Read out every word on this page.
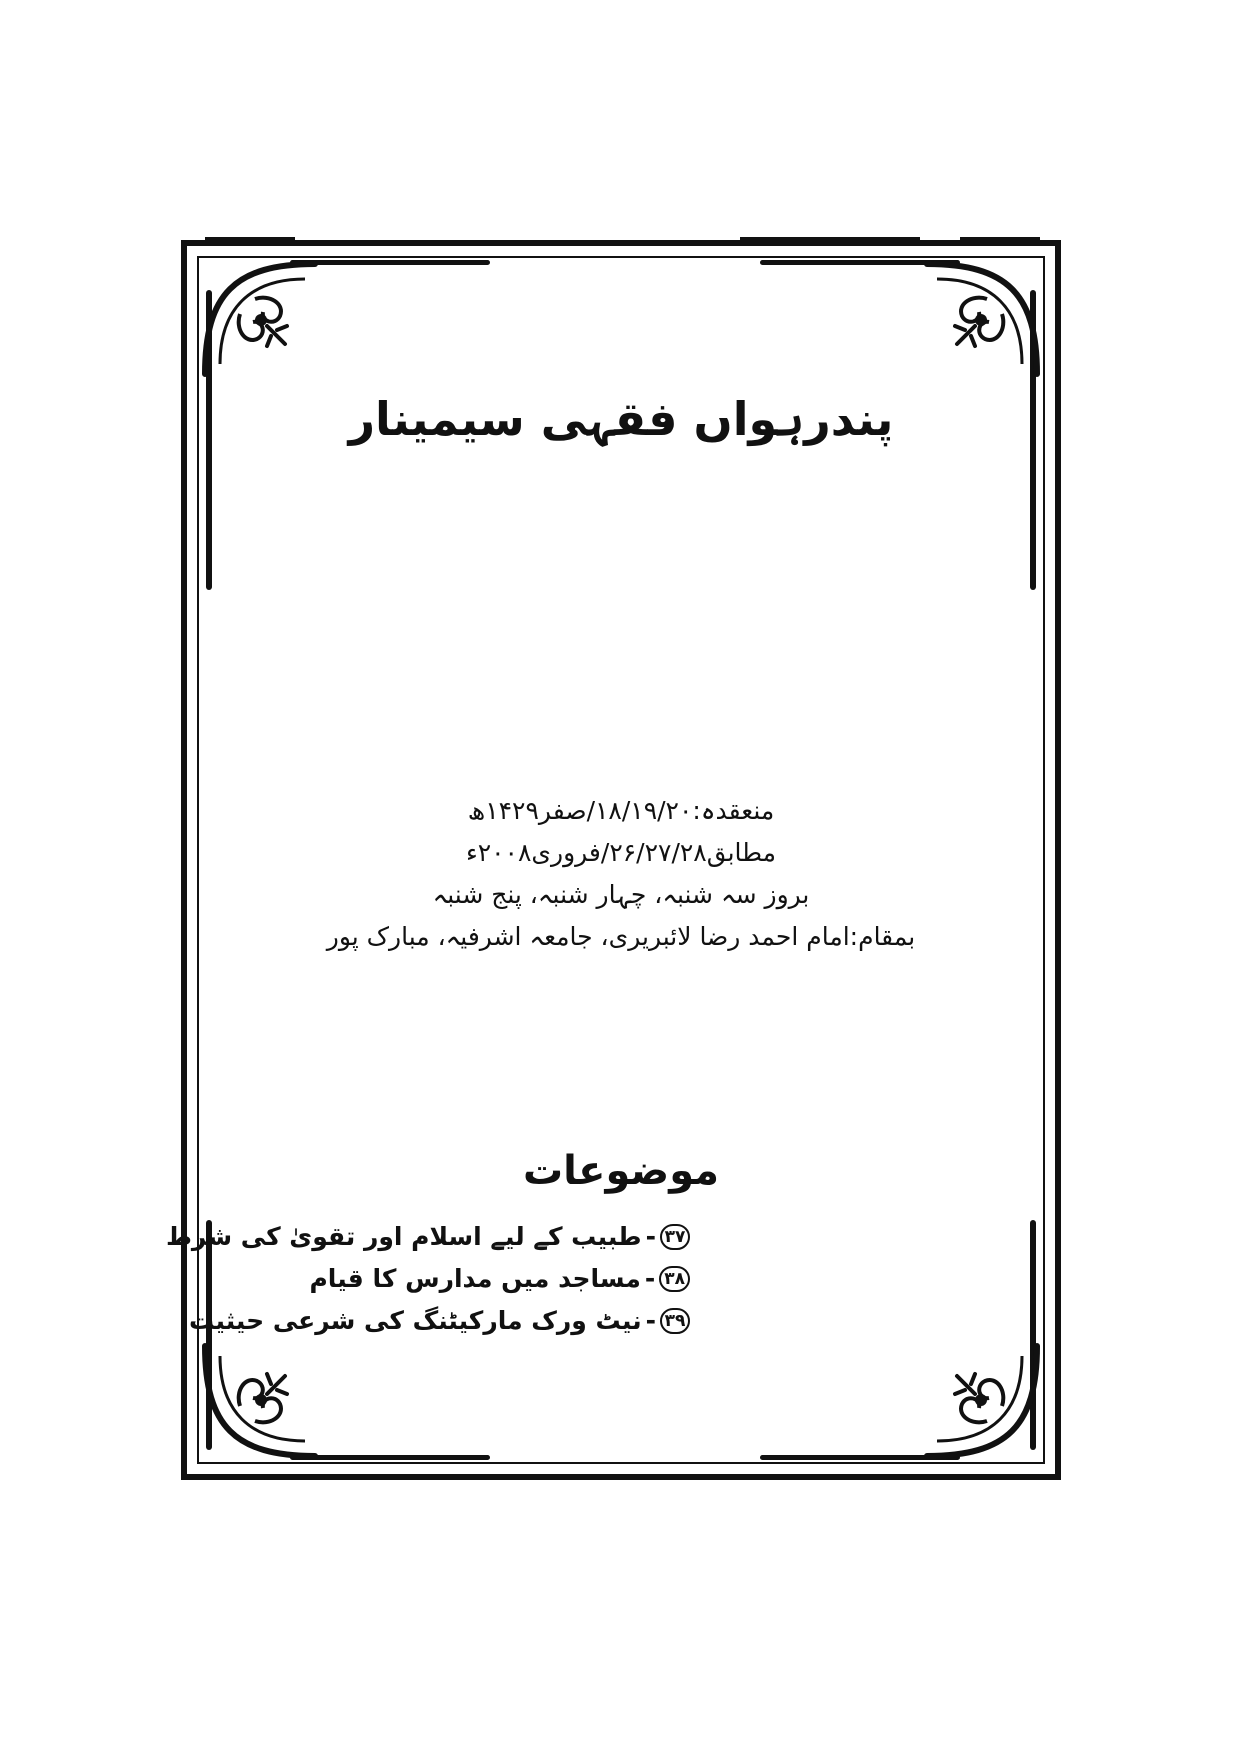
پندرہواں فقہی سیمینار
منعقدہ:۱۸/۱۹/۲۰/صفر۱۴۲۹ھ
مطابق۲۶/۲۷/۲۸/فروری۲۰۰۸ء
بروز سہ شنبہ، چہار شنبہ، پنج شنبہ
بمقام:امام احمد رضا لائبریری، جامعہ اشرفیہ، مبارک پور
موضوعات
۳۷
-
طبیب کے لیے اسلام اور تقویٰ کی شرط
۳۸
-
مساجد میں مدارس کا قیام
۳۹
-
نیٹ ورک مارکیٹنگ کی شرعی حیثیت
